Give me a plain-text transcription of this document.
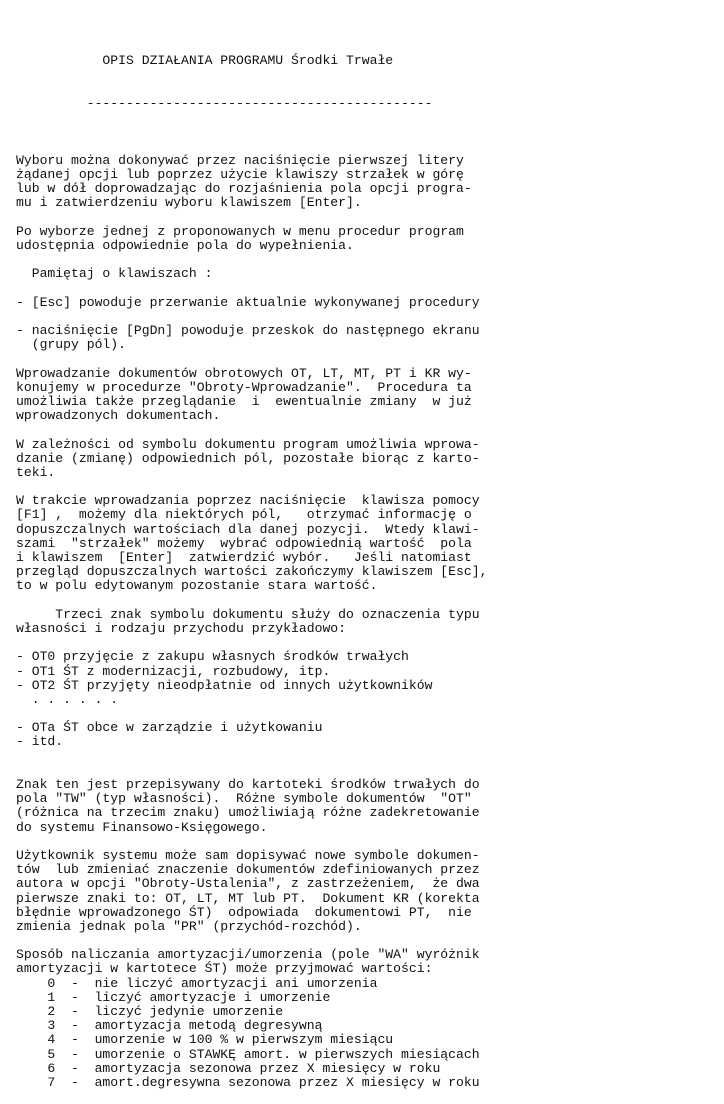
OPIS DZIAŁANIA PROGRAMU Środki Trwałe

--------------------------------------------

Wyboru można dokonywać przez naciśnięcie pierwszej litery
żądanej opcji lub poprzez użycie klawiszy strzałek w górę
lub w dół doprowadzając do rozjaśnienia pola opcji progra-
mu i zatwierdzeniu wyboru klawiszem [Enter].
Po wyborze jednej z proponowanych w menu procedur program
udostępnia odpowiednie pola do wypełnienia.
Pamiętaj o klawiszach :
- [Esc] powoduje przerwanie aktualnie wykonywanej procedury
- naciśnięcie [PgDn] powoduje przeskok do następnego ekranu
(grupy pól).
Wprowadzanie dokumentów obrotowych OT, LT, MT, PT i KR wy-
konujemy w procedurze "Obroty-Wprowadzanie".  Procedura ta
umożliwia także przeglądanie  i  ewentualnie zmiany  w już
wprowadzonych dokumentach.
W zależności od symbolu dokumentu program umożliwia wprowa-
dzanie (zmianę) odpowiednich pól, pozostałe biorąc z karto-
teki.
W trakcie wprowadzania poprzez naciśnięcie  klawisza pomocy
[F1] ,  możemy dla niektórych pól,   otrzymać informację o
dopuszczalnych wartościach dla danej pozycji.  Wtedy klawi-
szami  "strzałek" możemy  wybrać odpowiednią wartość  pola
i klawiszem  [Enter]  zatwierdzić wybór.   Jeśli natomiast
przegląd dopuszczalnych wartości zakończymy klawiszem [Esc],
to w polu edytowanym pozostanie stara wartość.
Trzeci znak symbolu dokumentu służy do oznaczenia typu
własności i rodzaju przychodu przykładowo:
- OT0 przyjęcie z zakupu własnych środków trwałych
- OT1 ŚT z modernizacji, rozbudowy, itp.
- OT2 ŚT przyjęty nieodpłatnie od innych użytkowników
. . . . . .
- OTa ŚT obce w zarządzie i użytkowaniu
- itd.
Znak ten jest przepisywany do kartoteki środków trwałych do
pola "TW" (typ własności).  Różne symbole dokumentów  "OT"
(różnica na trzecim znaku) umożliwiają różne zadekretowanie
do systemu Finansowo-Księgowego.
Użytkownik systemu może sam dopisywać nowe symbole dokumen-
tów  lub zmieniać znaczenie dokumentów zdefiniowanych przez
autora w opcji "Obroty-Ustalenia", z zastrzeżeniem,  że dwa
pierwsze znaki to: OT, LT, MT lub PT.  Dokument KR (korekta
błędnie wprowadzonego ŚT)  odpowiada  dokumentowi PT,  nie
zmienia jednak pola "PR" (przychód-rozchód).
Sposób naliczania amortyzacji/umorzenia (pole "WA" wyróżnik
amortyzacji w kartotece ŚT) może przyjmować wartości:
0  -  nie liczyć amortyzacji ani umorzenia
1  -  liczyć amortyzacje i umorzenie
2  -  liczyć jedynie umorzenie
3  -  amortyzacja metodą degresywną
4  -  umorzenie w 100 % w pierwszym miesiącu
5  -  umorzenie o STAWKĘ amort. w pierwszych miesiącach
6  -  amortyzacja sezonowa przez X miesięcy w roku
7  -  amort.degresywna sezonowa przez X miesięcy w roku
